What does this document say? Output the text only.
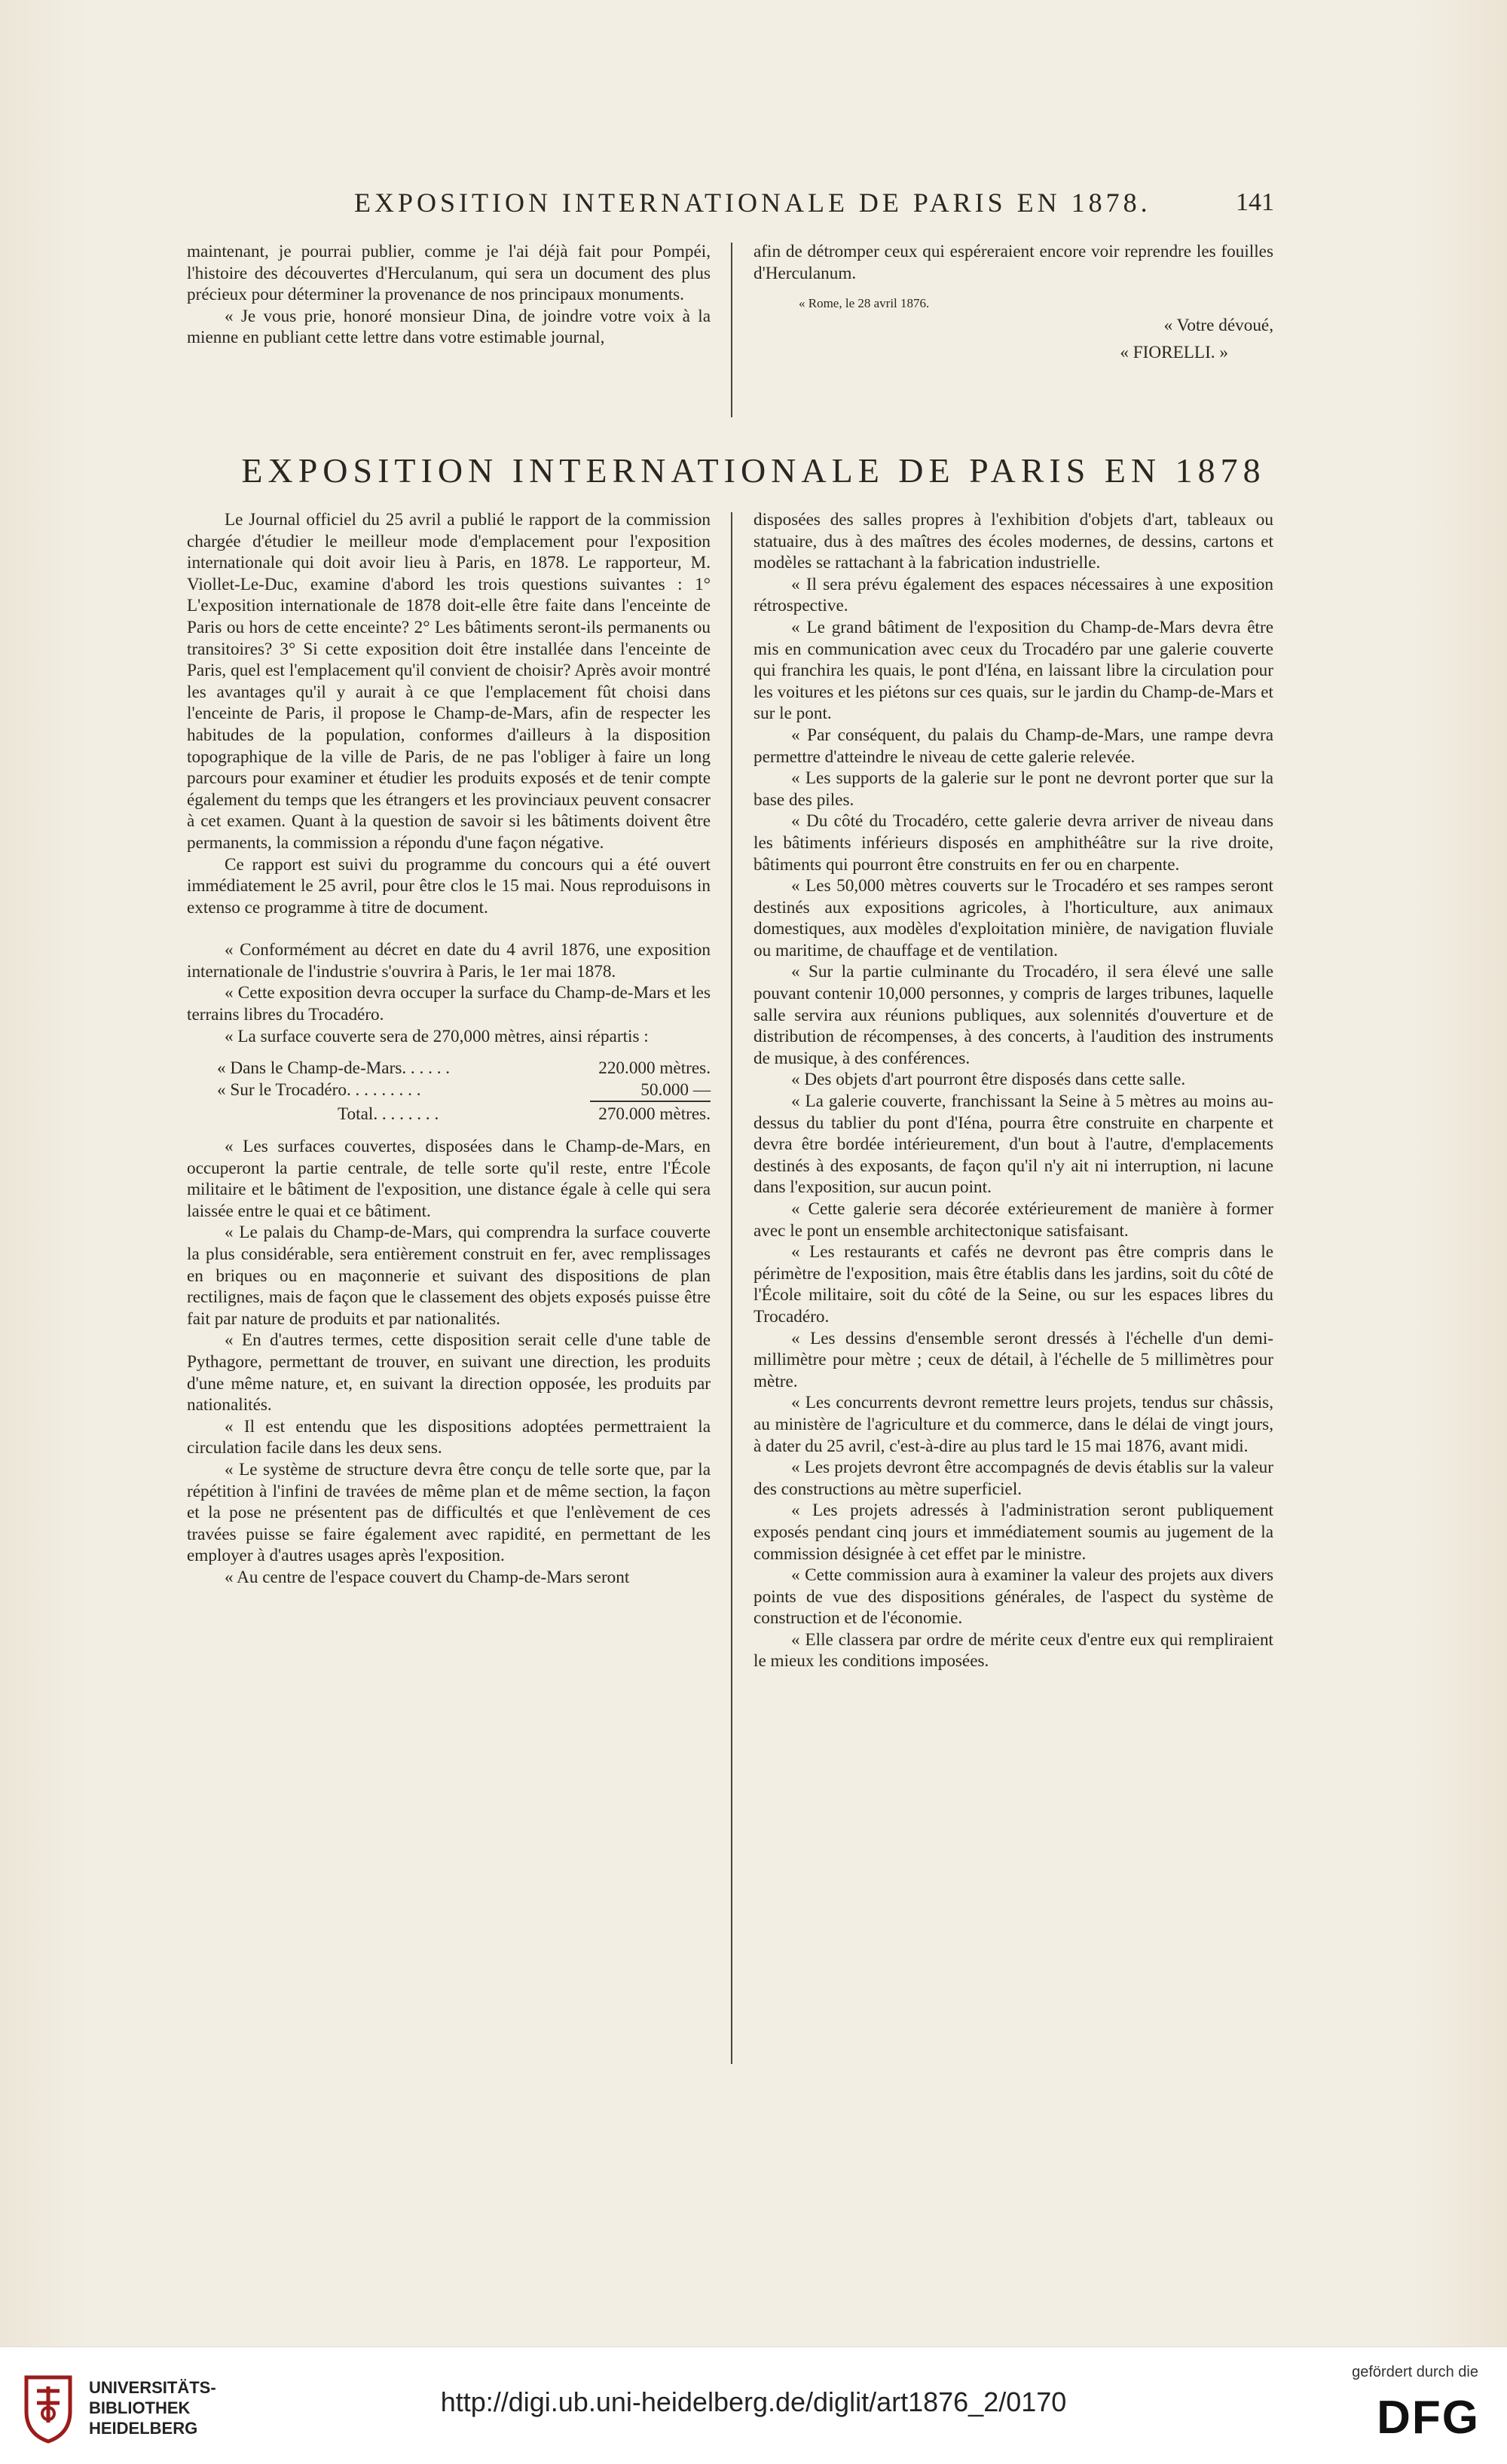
EXPOSITION INTERNATIONALE DE PARIS EN 1878.	141

maintenant, je pourrai publier, comme je l'ai déjà fait pour Pompéi, l'histoire des découvertes d'Herculanum, qui sera un document des plus précieux pour déterminer la provenance de nos principaux monuments.

« Je vous prie, honoré monsieur Dina, de joindre votre voix à la mienne en publiant cette lettre dans votre estimable journal,

afin de détromper ceux qui espéreraient encore voir reprendre les fouilles d'Herculanum.

« Rome, le 28 avril 1876.

« Votre dévoué,

« FIORELLI. »

EXPOSITION INTERNATIONALE DE PARIS EN 1878

Le Journal officiel du 25 avril a publié le rapport de la commission chargée d'étudier le meilleur mode d'emplacement pour l'exposition internationale qui doit avoir lieu à Paris, en 1878. Le rapporteur, M. Viollet-Le-Duc, examine d'abord les trois questions suivantes : 1° L'exposition internationale de 1878 doit-elle être faite dans l'enceinte de Paris ou hors de cette enceinte? 2° Les bâtiments seront-ils permanents ou transitoires? 3° Si cette exposition doit être installée dans l'enceinte de Paris, quel est l'emplacement qu'il convient de choisir? Après avoir montré les avantages qu'il y aurait à ce que l'emplacement fût choisi dans l'enceinte de Paris, il propose le Champ-de-Mars, afin de respecter les habitudes de la population, conformes d'ailleurs à la disposition topographique de la ville de Paris, de ne pas l'obliger à faire un long parcours pour examiner et étudier les produits exposés et de tenir compte également du temps que les étrangers et les provinciaux peuvent consacrer à cet examen. Quant à la question de savoir si les bâtiments doivent être permanents, la commission a répondu d'une façon négative.

Ce rapport est suivi du programme du concours qui a été ouvert immédiatement le 25 avril, pour être clos le 15 mai. Nous reproduisons in extenso ce programme à titre de document.

« Conformément au décret en date du 4 avril 1876, une exposition internationale de l'industrie s'ouvrira à Paris, le 1er mai 1878.

« Cette exposition devra occuper la surface du Champ-de-Mars et les terrains libres du Trocadéro.

« La surface couverte sera de 270,000 mètres, ainsi répartis :

« Dans le Champ-de-Mars. . . . . .	220.000 mètres.
« Sur le Trocadéro. . . . . . . . .	50.000 —
Total. . . . . . . .	270.000 mètres.

« Les surfaces couvertes, disposées dans le Champ-de-Mars, en occuperont la partie centrale, de telle sorte qu'il reste, entre l'École militaire et le bâtiment de l'exposition, une distance égale à celle qui sera laissée entre le quai et ce bâtiment.

« Le palais du Champ-de-Mars, qui comprendra la surface couverte la plus considérable, sera entièrement construit en fer, avec remplissages en briques ou en maçonnerie et suivant des dispositions de plan rectilignes, mais de façon que le classement des objets exposés puisse être fait par nature de produits et par nationalités.

« En d'autres termes, cette disposition serait celle d'une table de Pythagore, permettant de trouver, en suivant une direction, les produits d'une même nature, et, en suivant la direction opposée, les produits par nationalités.

« Il est entendu que les dispositions adoptées permettraient la circulation facile dans les deux sens.

« Le système de structure devra être conçu de telle sorte que, par la répétition à l'infini de travées de même plan et de même section, la façon et la pose ne présentent pas de difficultés et que l'enlèvement de ces travées puisse se faire également avec rapidité, en permettant de les employer à d'autres usages après l'exposition.

« Au centre de l'espace couvert du Champ-de-Mars seront

disposées des salles propres à l'exhibition d'objets d'art, tableaux ou statuaire, dus à des maîtres des écoles modernes, de dessins, cartons et modèles se rattachant à la fabrication industrielle.

« Il sera prévu également des espaces nécessaires à une exposition rétrospective.

« Le grand bâtiment de l'exposition du Champ-de-Mars devra être mis en communication avec ceux du Trocadéro par une galerie couverte qui franchira les quais, le pont d'Iéna, en laissant libre la circulation pour les voitures et les piétons sur ces quais, sur le jardin du Champ-de-Mars et sur le pont.

« Par conséquent, du palais du Champ-de-Mars, une rampe devra permettre d'atteindre le niveau de cette galerie relevée.

« Les supports de la galerie sur le pont ne devront porter que sur la base des piles.

« Du côté du Trocadéro, cette galerie devra arriver de niveau dans les bâtiments inférieurs disposés en amphithéâtre sur la rive droite, bâtiments qui pourront être construits en fer ou en charpente.

« Les 50,000 mètres couverts sur le Trocadéro et ses rampes seront destinés aux expositions agricoles, à l'horticulture, aux animaux domestiques, aux modèles d'exploitation minière, de navigation fluviale ou maritime, de chauffage et de ventilation.

« Sur la partie culminante du Trocadéro, il sera élevé une salle pouvant contenir 10,000 personnes, y compris de larges tribunes, laquelle salle servira aux réunions publiques, aux solennités d'ouverture et de distribution de récompenses, à des concerts, à l'audition des instruments de musique, à des conférences.

« Des objets d'art pourront être disposés dans cette salle.

« La galerie couverte, franchissant la Seine à 5 mètres au moins au-dessus du tablier du pont d'Iéna, pourra être construite en charpente et devra être bordée intérieurement, d'un bout à l'autre, d'emplacements destinés à des exposants, de façon qu'il n'y ait ni interruption, ni lacune dans l'exposition, sur aucun point.

« Cette galerie sera décorée extérieurement de manière à former avec le pont un ensemble architectonique satisfaisant.

« Les restaurants et cafés ne devront pas être compris dans le périmètre de l'exposition, mais être établis dans les jardins, soit du côté de l'École militaire, soit du côté de la Seine, ou sur les espaces libres du Trocadéro.

« Les dessins d'ensemble seront dressés à l'échelle d'un demi-millimètre pour mètre ; ceux de détail, à l'échelle de 5 millimètres pour mètre.

« Les concurrents devront remettre leurs projets, tendus sur châssis, au ministère de l'agriculture et du commerce, dans le délai de vingt jours, à dater du 25 avril, c'est-à-dire au plus tard le 15 mai 1876, avant midi.

« Les projets devront être accompagnés de devis établis sur la valeur des constructions au mètre superficiel.

« Les projets adressés à l'administration seront publiquement exposés pendant cinq jours et immédiatement soumis au jugement de la commission désignée à cet effet par le ministre.

« Cette commission aura à examiner la valeur des projets aux divers points de vue des dispositions générales, de l'aspect du système de construction et de l'économie.

« Elle classera par ordre de mérite ceux d'entre eux qui rempliraient le mieux les conditions imposées.

UNIVERSITÄTS-
BIBLIOTHEK
HEIDELBERG
http://digi.ub.uni-heidelberg.de/diglit/art1876_2/0170
gefördert durch die
DFG
